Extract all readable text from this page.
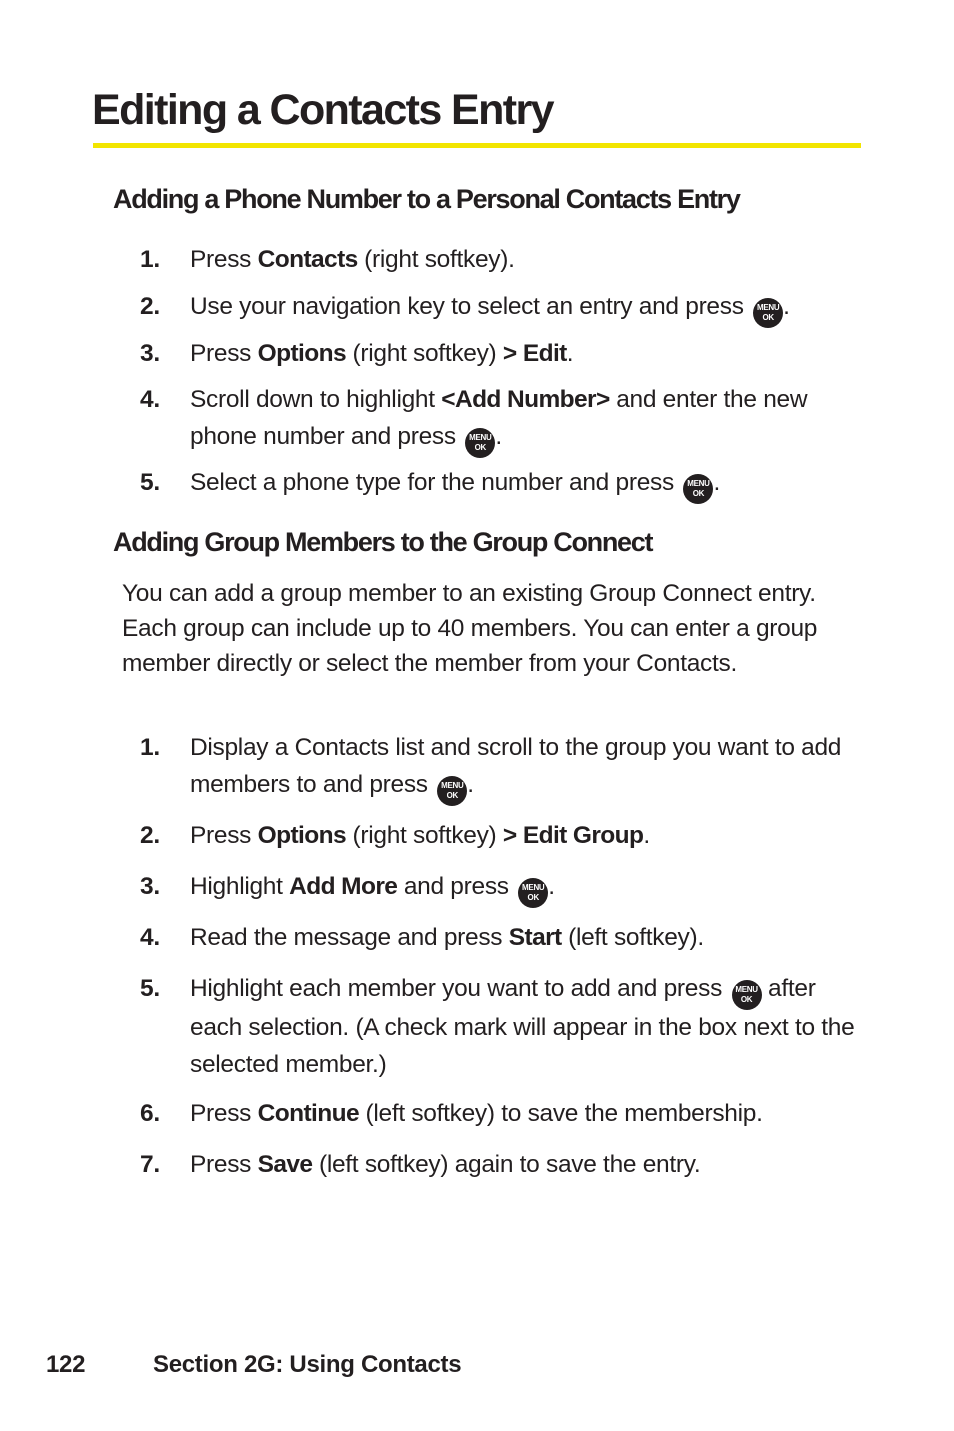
Editing a Contacts Entry
Adding a Phone Number to a Personal Contacts Entry
1.	Press Contacts (right softkey).
2.	Use your navigation key to select an entry and press MENU
OK .
3.	Press Options (right softkey) > Edit.
4.	Scroll down to highlight <Add Number> and enter the new phone number and press MENU
OK .
5.	Select a phone type for the number and press MENU
OK .
Adding Group Members to the Group Connect

You can add a group member to an existing Group Connect entry. Each group can include up to 40 members. You can enter a group member directly or select the member from your Contacts.

1.	Display a Contacts list and scroll to the group you want to add members to and press MENU
OK .
2.	Press Options (right softkey) > Edit Group.
3.	Highlight Add More and press MENU
OK .
4.	Read the message and press Start (left softkey).
5.	Highlight each member you want to add and press MENU
OK after each selection. (A check mark will appear in the box next to the selected member.)
6.	Press Continue (left softkey) to save the membership.
7.	Press Save (left softkey) again to save the entry.
122	Section 2G: Using Contacts
